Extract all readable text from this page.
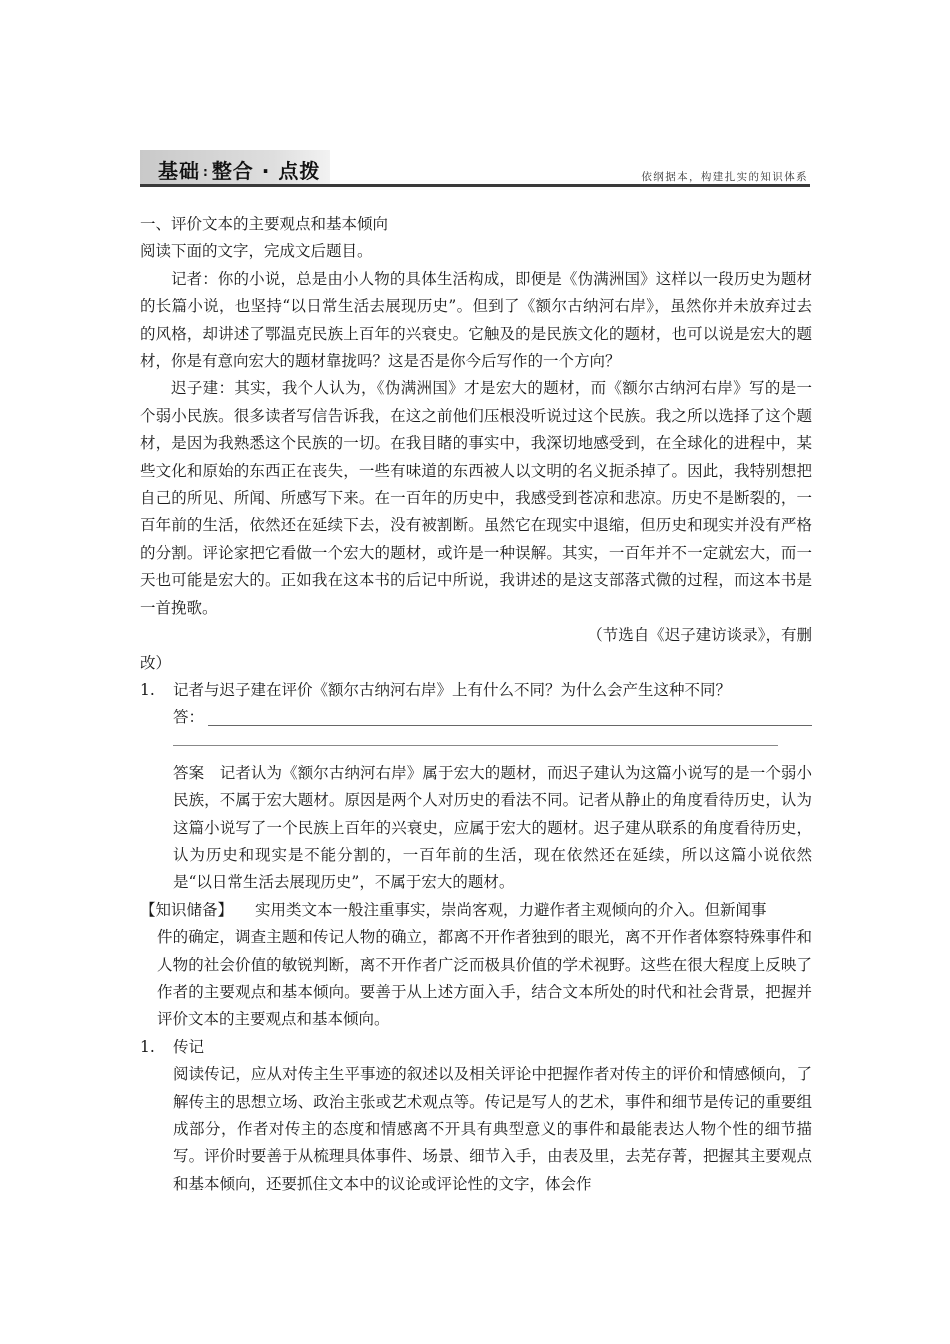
基础 : 整合 · 点拨	依纲据本，构建扎实的知识体系

一、评价文本的主要观点和基本倾向

阅读下面的文字，完成文后题目。

记者：你的小说，总是由小人物的具体生活构成，即便是《伪满洲国》这样以一段历史为题材的长篇小说，也坚持“以日常生活去展现历史”。但到了《额尔古纳河右岸》，虽然你并未放弃过去的风格，却讲述了鄂温克民族上百年的兴衰史。它触及的是民族文化的题材，也可以说是宏大的题材，你是有意向宏大的题材靠拢吗？这是否是你今后写作的一个方向？

迟子建：其实，我个人认为，《伪满洲国》才是宏大的题材，而《额尔古纳河右岸》写的是一个弱小民族。很多读者写信告诉我，在这之前他们压根没听说过这个民族。我之所以选择了这个题材，是因为我熟悉这个民族的一切。在我目睹的事实中，我深切地感受到，在全球化的进程中，某些文化和原始的东西正在丧失，一些有味道的东西被人以文明的名义扼杀掉了。因此，我特别想把自己的所见、所闻、所感写下来。在一百年的历史中，我感受到苍凉和悲凉。历史不是断裂的，一百年前的生活，依然还在延续下去，没有被割断。虽然它在现实中退缩，但历史和现实并没有严格的分割。评论家把它看做一个宏大的题材，或许是一种误解。其实，一百年并不一定就宏大，而一天也可能是宏大的。正如我在这本书的后记中所说，我讲述的是这支部落式微的过程，而这本书是一首挽歌。

（节选自《迟子建访谈录》，有删

改）

1.	记者与迟子建在评价《额尔古纳河右岸》上有什么不同？为什么会产生这种不同？
答：

答案　记者认为《额尔古纳河右岸》属于宏大的题材，而迟子建认为这篇小说写的是一个弱小民族，不属于宏大题材。原因是两个人对历史的看法不同。记者从静止的角度看待历史，认为这篇小说写了一个民族上百年的兴衰史，应属于宏大的题材。迟子建从联系的角度看待历史，认为历史和现实是不能分割的，一百年前的生活，现在依然还在延续，所以这篇小说依然是“以日常生活去展现历史”，不属于宏大的题材。

【知识储备】	实用类文本一般注重事实，崇尚客观，力避作者主观倾向的介入。但新闻事

件的确定，调查主题和传记人物的确立，都离不开作者独到的眼光，离不开作者体察特殊事件和人物的社会价值的敏锐判断，离不开作者广泛而极具价值的学术视野。这些在很大程度上反映了作者的主要观点和基本倾向。要善于从上述方面入手，结合文本所处的时代和社会背景，把握并评价文本的主要观点和基本倾向。

1.	传记

阅读传记，应从对传主生平事迹的叙述以及相关评论中把握作者对传主的评价和情感倾向，了解传主的思想立场、政治主张或艺术观点等。传记是写人的艺术，事件和细节是传记的重要组成部分，作者对传主的态度和情感离不开具有典型意义的事件和最能表达人物个性的细节描写。评价时要善于从梳理具体事件、场景、细节入手，由表及里，去芜存菁，把握其主要观点和基本倾向，还要抓住文本中的议论或评论性的文字，体会作
